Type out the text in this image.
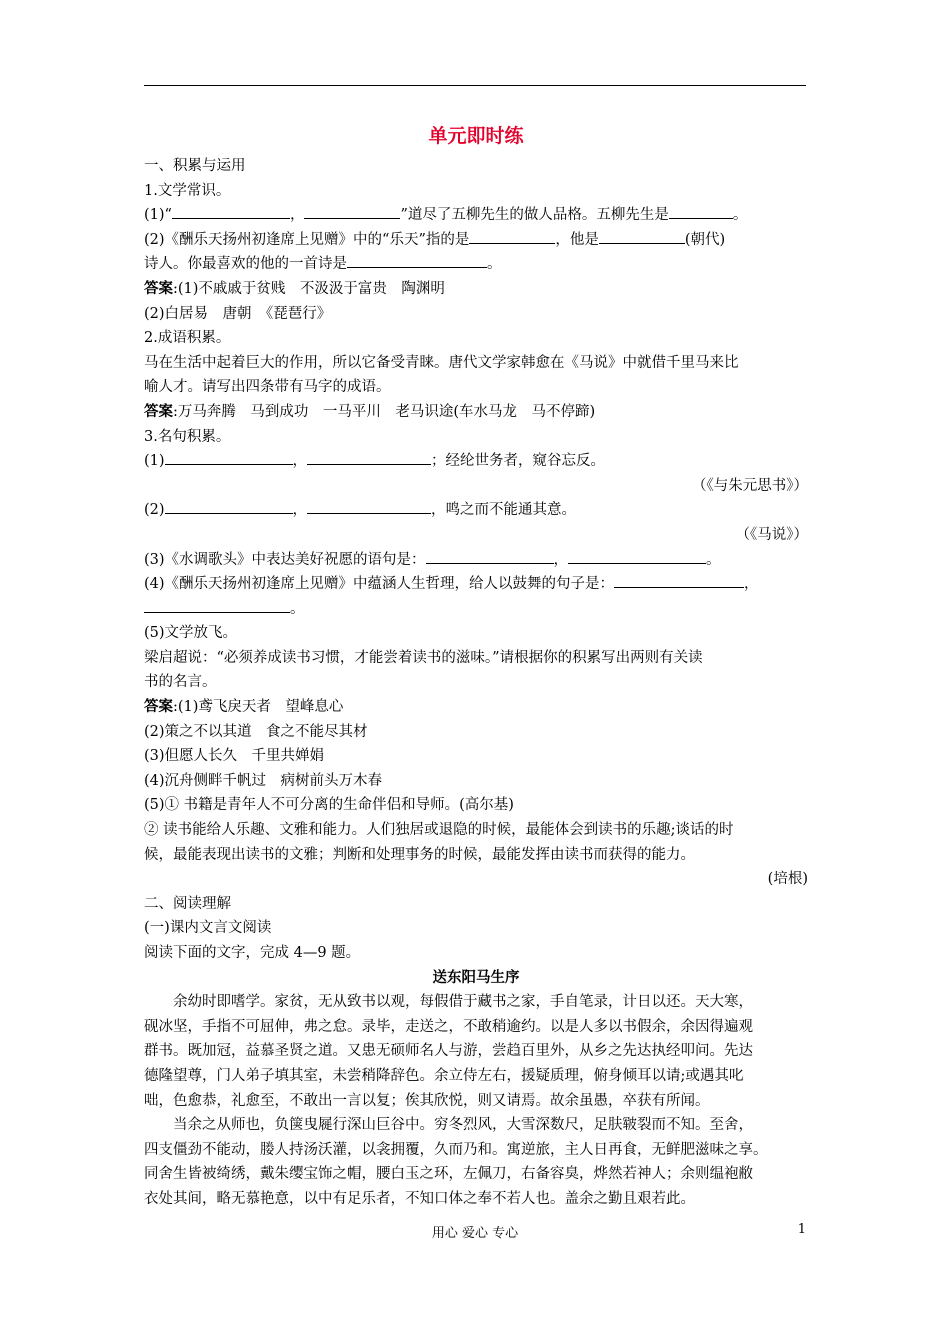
单元即时练
一、积累与运用
1.文学常识。
(1)“	，	”道尽了五柳先生的做人品格。五柳先生是	。
(2)《酬乐天扬州初逢席上见赠》中的“乐天”指的是	，他是	(朝代)
诗人。你最喜欢的他的一首诗是	。
答案:(1)不戚戚于贫贱　不汲汲于富贵　陶渊明
(2)白居易　唐朝　《琵琶行》
2.成语积累。
马在生活中起着巨大的作用，所以它备受青睐。唐代文学家韩愈在《马说》中就借千里马来比
喻人才。请写出四条带有马字的成语。
答案:万马奔腾　马到成功　一马平川　老马识途(车水马龙　马不停蹄)
3.名句积累。
(1)	，	；经纶世务者，窥谷忘反。
（《与朱元思书》）
(2)	，	，鸣之而不能通其意。
（《马说》）
(3)《水调歌头》中表达美好祝愿的语句是：	，	。
(4)《酬乐天扬州初逢席上见赠》中蕴涵人生哲理，给人以鼓舞的句子是：	，
。
(5)文学放飞。
梁启超说：“必须养成读书习惯，才能尝着读书的滋味。”请根据你的积累写出两则有关读
书的名言。
答案:(1)鸢飞戾天者　望峰息心
(2)策之不以其道　食之不能尽其材
(3)但愿人长久　千里共婵娟
(4)沉舟侧畔千帆过　病树前头万木春
(5)① 书籍是青年人不可分离的生命伴侣和导师。(高尔基)
② 读书能给人乐趣、文雅和能力。人们独居或退隐的时候，最能体会到读书的乐趣;谈话的时
候，最能表现出读书的文雅；判断和处理事务的时候，最能发挥由读书而获得的能力。
(培根)
二、阅读理解
(一)课内文言文阅读
阅读下面的文字，完成 4—9 题。
送东阳马生序
余幼时即嗜学。家贫，无从致书以观，每假借于藏书之家，手自笔录，计日以还。天大寒，
砚冰坚，手指不可屈伸，弗之怠。录毕，走送之，不敢稍逾约。以是人多以书假余，余因得遍观
群书。既加冠，益慕圣贤之道。又患无硕师名人与游，尝趋百里外，从乡之先达执经叩问。先达
德隆望尊，门人弟子填其室，未尝稍降辞色。余立侍左右，援疑质理，俯身倾耳以请;或遇其叱
咄，色愈恭，礼愈至，不敢出一言以复；俟其欣悦，则又请焉。故余虽愚，卒获有所闻。
当余之从师也，负箧曳屣行深山巨谷中。穷冬烈风，大雪深数尺，足肤皲裂而不知。至舍，
四支僵劲不能动，媵人持汤沃灌，以衾拥覆，久而乃和。寓逆旅，主人日再食，无鲜肥滋味之享。
同舍生皆被绮绣，戴朱缨宝饰之帽，腰白玉之环，左佩刀，右备容臭，烨然若神人；余则缊袍敝
衣处其间，略无慕艳意，以中有足乐者，不知口体之奉不若人也。盖余之勤且艰若此。
用心 爱心 专心	1
